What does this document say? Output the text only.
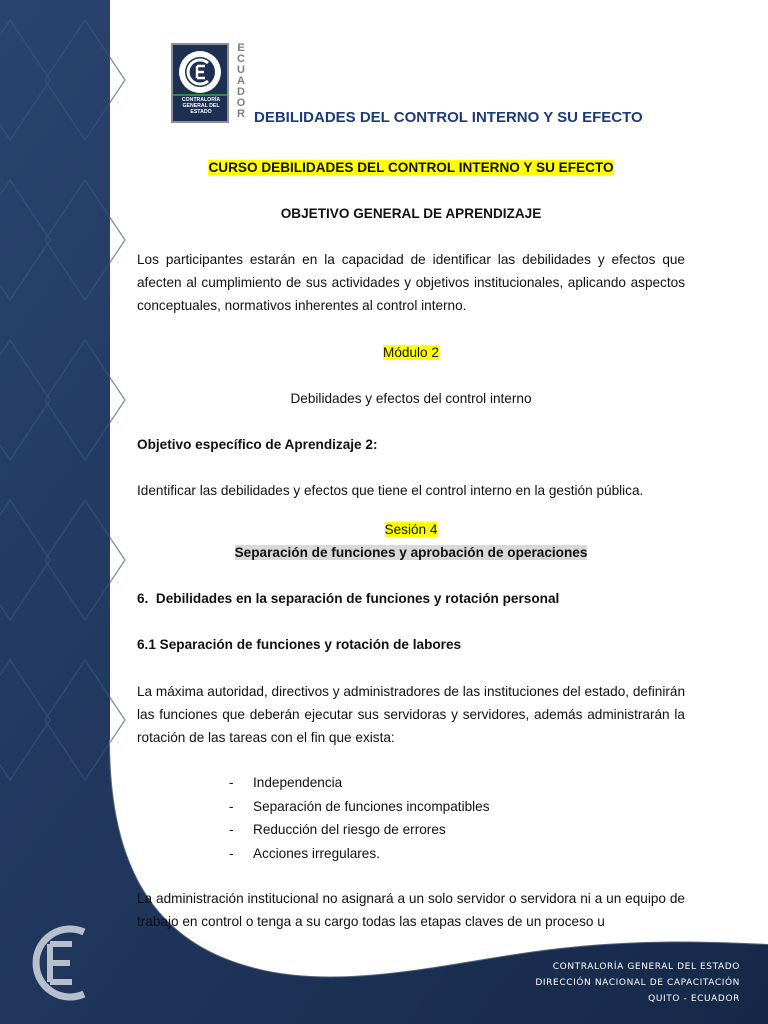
CONTRALORÍA GENERAL DEL ESTADO
E
C
U
A
D
O
R DEBILIDADES DEL CONTROL INTERNO Y SU EFECTO
CURSO DEBILIDADES DEL CONTROL INTERNO Y SU EFECTO
OBJETIVO GENERAL DE APRENDIZAJE
Los participantes estarán en la capacidad de identificar las debilidades y efectos que afecten al cumplimiento de sus actividades y objetivos institucionales, aplicando aspectos conceptuales, normativos inherentes al control interno.
Módulo 2
Debilidades y efectos del control interno
Objetivo específico de Aprendizaje 2:
Identificar las debilidades y efectos que tiene el control interno en la gestión pública.
Sesión 4
Separación de funciones y aprobación de operaciones
6.  Debilidades en la separación de funciones y rotación personal
6.1 Separación de funciones y rotación de labores
La máxima autoridad, directivos y administradores de las instituciones del estado, definirán las funciones que deberán ejecutar sus servidoras y servidores, además administrarán la rotación de las tareas con el fin que exista:
-	Independencia
-	Separación de funciones incompatibles
-	Reducción del riesgo de errores
-	Acciones irregulares.
La administración institucional no asignará a un solo servidor o servidora ni a un equipo de trabajo en control o tenga a su cargo todas las etapas claves de un proceso u
CONTRALORÍA GENERAL DEL ESTADO
DIRECCIÓN NACIONAL DE CAPACITACIÓN
QUITO - ECUADOR
